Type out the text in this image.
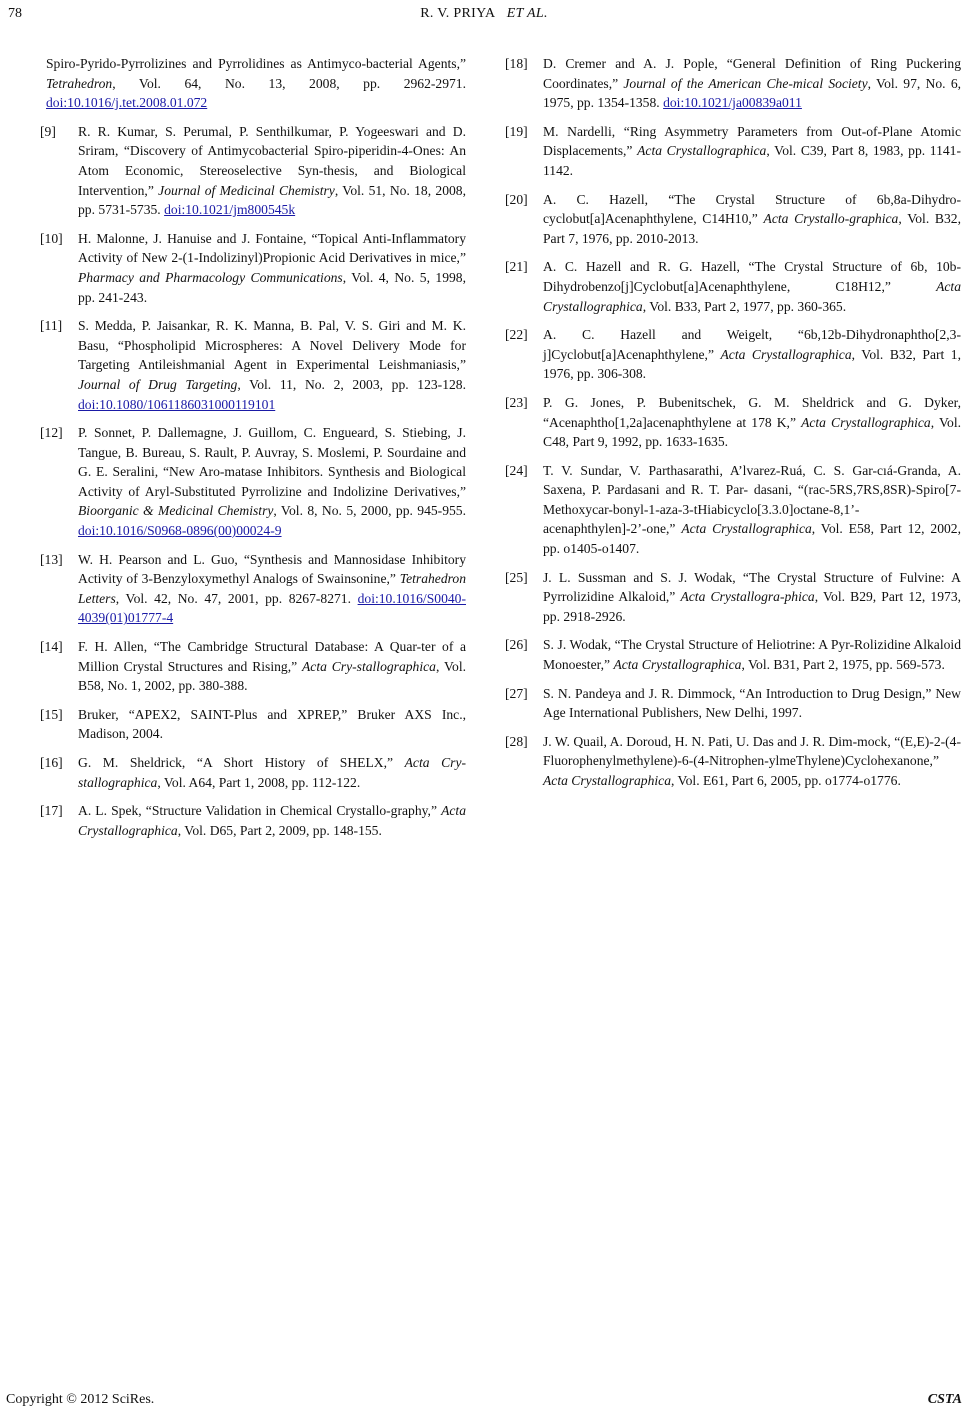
78	R. V. PRIYA ET AL.
Spiro-Pyrido-Pyrrolizines and Pyrrolidines as Antimyco-bacterial Agents,” Tetrahedron, Vol. 64, No. 13, 2008, pp. 2962-2971. doi:10.1016/j.tet.2008.01.072
[9] R. R. Kumar, S. Perumal, P. Senthilkumar, P. Yogeeswari and D. Sriram, “Discovery of Antimycobacterial Spiro-piperidin-4-Ones: An Atom Economic, Stereoselective Syn-thesis, and Biological Intervention,” Journal of Medicinal Chemistry, Vol. 51, No. 18, 2008, pp. 5731-5735. doi:10.1021/jm800545k
[10] H. Malonne, J. Hanuise and J. Fontaine, “Topical Anti-Inflammatory Activity of New 2-(1-Indolizinyl)Propionic Acid Derivatives in mice,” Pharmacy and Pharmacology Communications, Vol. 4, No. 5, 1998, pp. 241-243.
[11] S. Medda, P. Jaisankar, R. K. Manna, B. Pal, V. S. Giri and M. K. Basu, “Phospholipid Microspheres: A Novel Delivery Mode for Targeting Antileishmanial Agent in Experimental Leishmaniasis,” Journal of Drug Targeting, Vol. 11, No. 2, 2003, pp. 123-128. doi:10.1080/1061186031000119101
[12] P. Sonnet, P. Dallemagne, J. Guillom, C. Engueard, S. Stiebing, J. Tangue, B. Bureau, S. Rault, P. Auvray, S. Moslemi, P. Sourdaine and G. E. Seralini, “New Aro-matase Inhibitors. Synthesis and Biological Activity of Aryl-Substituted Pyrrolizine and Indolizine Derivatives,” Bioorganic & Medicinal Chemistry, Vol. 8, No. 5, 2000, pp. 945-955. doi:10.1016/S0968-0896(00)00024-9
[13] W. H. Pearson and L. Guo, “Synthesis and Mannosidase Inhibitory Activity of 3-Benzyloxymethyl Analogs of Swainsonine,” Tetrahedron Letters, Vol. 42, No. 47, 2001, pp. 8267-8271. doi:10.1016/S0040-4039(01)01777-4
[14] F. H. Allen, “The Cambridge Structural Database: A Quar-ter of a Million Crystal Structures and Rising,” Acta Cry-stallographica, Vol. B58, No. 1, 2002, pp. 380-388.
[15] Bruker, “APEX2, SAINT-Plus and XPREP,” Bruker AXS Inc., Madison, 2004.
[16] G. M. Sheldrick, “A Short History of SHELX,” Acta Cry-stallographica, Vol. A64, Part 1, 2008, pp. 112-122.
[17] A. L. Spek, “Structure Validation in Chemical Crystallo-graphy,” Acta Crystallographica, Vol. D65, Part 2, 2009, pp. 148-155.
[18] D. Cremer and A. J. Pople, “General Definition of Ring Puckering Coordinates,” Journal of the American Che-mical Society, Vol. 97, No. 6, 1975, pp. 1354-1358. doi:10.1021/ja00839a011
[19] M. Nardelli, “Ring Asymmetry Parameters from Out-of-Plane Atomic Displacements,” Acta Crystallographica, Vol. C39, Part 8, 1983, pp. 1141-1142.
[20] A. C. Hazell, “The Crystal Structure of 6b,8a-Dihydro-cyclobut[a]Acenaphthylene, C14H10,” Acta Crystallo-graphica, Vol. B32, Part 7, 1976, pp. 2010-2013.
[21] A. C. Hazell and R. G. Hazell, “The Crystal Structure of 6b, 10b-Dihydrobenzo[j]Cyclobut[a]Acenaphthylene, C18H12,” Acta Crystallographica, Vol. B33, Part 2, 1977, pp. 360-365.
[22] A. C. Hazell and Weigelt, “6b,12b-Dihydronaphtho[2,3-j]Cyclobut[a]Acenaphthylene,” Acta Crystallographica, Vol. B32, Part 1, 1976, pp. 306-308.
[23] P. G. Jones, P. Bubenitschek, G. M. Sheldrick and G. Dyker, “Acenaphtho[1,2a]acenaphthylene at 178 K,” Acta Crystallographica, Vol. C48, Part 9, 1992, pp. 1633-1635.
[24] T. V. Sundar, V. Parthasarathi, A’lvarez-Ruá, C. S. Gar-cıá-Granda, A. Saxena, P. Pardasani and R. T. Par- dasani, “(rac-5RS,7RS,8SR)-Spiro[7-Methoxycar-bonyl-1-aza-3-tHiabicyclo[3.3.0]octane-8,1’-acenaphthylen]-2’-one,” Acta Crystallographica, Vol. E58, Part 12, 2002, pp. o1405-o1407.
[25] J. L. Sussman and S. J. Wodak, “The Crystal Structure of Fulvine: A Pyrrolizidine Alkaloid,” Acta Crystallogra-phica, Vol. B29, Part 12, 1973, pp. 2918-2926.
[26] S. J. Wodak, “The Crystal Structure of Heliotrine: A Pyr-Rolizidine Alkaloid Monoester,” Acta Crystallographica, Vol. B31, Part 2, 1975, pp. 569-573.
[27] S. N. Pandeya and J. R. Dimmock, “An Introduction to Drug Design,” New Age International Publishers, New Delhi, 1997.
[28] J. W. Quail, A. Doroud, H. N. Pati, U. Das and J. R. Dim-mock, “(E,E)-2-(4-Fluorophenylmethylene)-6-(4-Nitrophen-ylmeThylene)Cyclohexanone,” Acta Crystallographica, Vol. E61, Part 6, 2005, pp. o1774-o1776.
Copyright © 2012 SciRes.	CSTA
